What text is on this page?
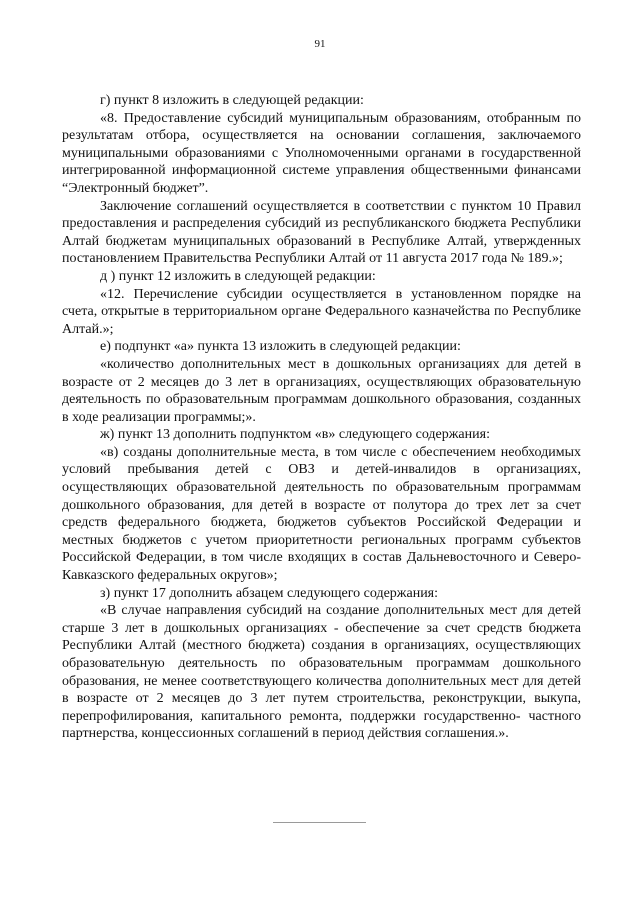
91

г) пункт 8 изложить в следующей редакции:

«8. Предоставление субсидий муниципальным образованиям, отобранным по результатам отбора, осуществляется на основании соглашения, заключаемого муниципальными образованиями с Уполномоченными органами в государственной интегрированной информационной системе управления общественными финансами “Электронный бюджет”.

Заключение соглашений осуществляется в соответствии с пунктом 10 Правил предоставления и распределения субсидий из республиканского бюджета Республики Алтай бюджетам муниципальных образований в Республике Алтай, утвержденных постановлением Правительства Республики Алтай от 11 августа 2017 года № 189.»;

д ) пункт 12 изложить в следующей редакции:

«12. Перечисление субсидии осуществляется в установленном порядке на счета, открытые в территориальном органе Федерального казначейства по Республике Алтай.»;

е) подпункт «а» пункта 13 изложить в следующей редакции:

«количество дополнительных мест в дошкольных организациях для детей в возрасте от 2 месяцев до 3 лет в организациях, осуществляющих образовательную деятельность по образовательным программам дошкольного образования, созданных в ходе реализации программы;».

ж) пункт 13 дополнить подпунктом «в» следующего содержания:

«в) созданы дополнительные места, в том числе с обеспечением необходимых условий пребывания детей с ОВЗ и детей-инвалидов в организациях, осуществляющих образовательной деятельность по образовательным программам дошкольного образования, для детей в возрасте от полутора до трех лет за счет средств федерального бюджета, бюджетов субъектов Российской Федерации и местных бюджетов с учетом приоритетности региональных программ субъектов Российской Федерации, в том числе входящих в состав Дальневосточного и Северо-Кавказского федеральных округов»;

з) пункт 17 дополнить абзацем следующего содержания:

«В случае направления субсидий на создание дополнительных мест для детей старше 3 лет в дошкольных организациях - обеспечение за счет средств бюджета Республики Алтай (местного бюджета) создания в организациях, осуществляющих образовательную деятельность по образовательным программам дошкольного образования, не менее соответствующего количества дополнительных мест для детей в возрасте от 2 месяцев до 3 лет путем строительства, реконструкции, выкупа, перепрофилирования, капитального ремонта, поддержки государственно- частного партнерства, концессионных соглашений в период действия соглашения.».
